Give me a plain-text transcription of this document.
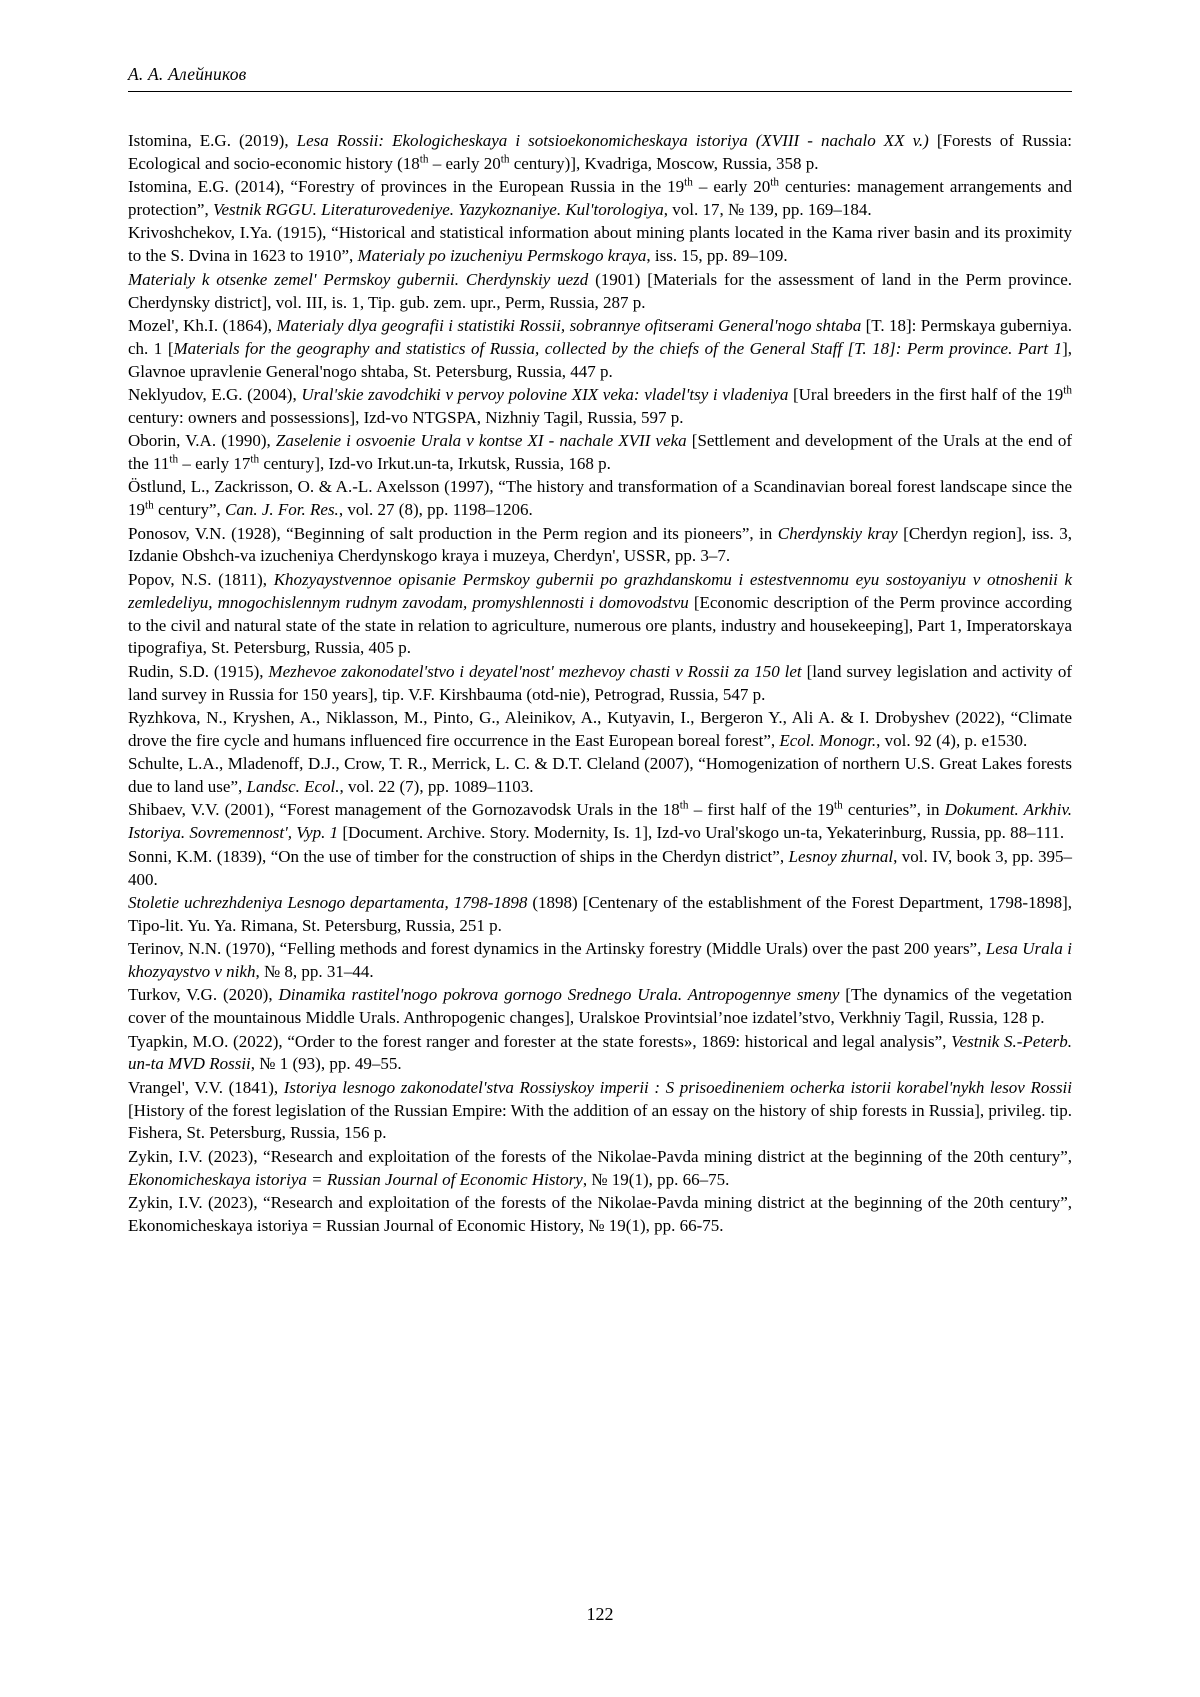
А. А. Алейников

Istomina, E.G. (2019), Lesa Rossii: Ekologicheskaya i sotsioekonomicheskaya istoriya (XVIII - nachalo XX v.) [Forests of Russia: Ecological and socio-economic history (18th – early 20th century)], Kvadriga, Moscow, Russia, 358 p.

Istomina, E.G. (2014), “Forestry of provinces in the European Russia in the 19th – early 20th centuries: management arrangements and protection”, Vestnik RGGU. Literaturovedeniye. Yazykoznaniye. Kul'torologiya, vol. 17, № 139, pp. 169–184.

Krivoshchekov, I.Ya. (1915), “Historical and statistical information about mining plants located in the Kama river basin and its proximity to the S. Dvina in 1623 to 1910”, Materialy po izucheniyu Permskogo kraya, iss. 15, pp. 89–109.

Materialy k otsenke zemel' Permskoy gubernii. Cherdynskiy uezd (1901) [Materials for the assessment of land in the Perm province. Cherdynsky district], vol. III, is. 1, Tip. gub. zem. upr., Perm, Russia, 287 p.

Mozel', Kh.I. (1864), Materialy dlya geografii i statistiki Rossii, sobrannye ofitserami General'nogo shtaba [T. 18]: Permskaya guberniya. ch. 1 [Materials for the geography and statistics of Russia, collected by the chiefs of the General Staff [T. 18]: Perm province. Part 1], Glavnoe upravlenie General'nogo shtaba, St. Petersburg, Russia, 447 p.

Neklyudov, E.G. (2004), Ural'skie zavodchiki v pervoy polovine XIX veka: vladel'tsy i vladeniya [Ural breeders in the first half of the 19th century: owners and possessions], Izd-vo NTGSPA, Nizhniy Tagil, Russia, 597 p.

Oborin, V.A. (1990), Zaselenie i osvoenie Urala v kontse XI - nachale XVII veka [Settlement and development of the Urals at the end of the 11th – early 17th century], Izd-vo Irkut.un-ta, Irkutsk, Russia, 168 p.

Östlund, L., Zackrisson, O. & A.-L. Axelsson (1997), “The history and transformation of a Scandinavian boreal forest landscape since the 19th century”, Can. J. For. Res., vol. 27 (8), pp. 1198–1206.

Ponosov, V.N. (1928), “Beginning of salt production in the Perm region and its pioneers”, in Cherdynskiy kray [Cherdyn region], iss. 3, Izdanie Obshch-va izucheniya Cherdynskogo kraya i muzeya, Cherdyn', USSR, pp. 3–7.

Popov, N.S. (1811), Khozyaystvennoe opisanie Permskoy gubernii po grazhdanskomu i estestvennomu eyu sostoyaniyu v otnoshenii k zemledeliyu, mnogochislennym rudnym zavodam, promyshlennosti i domovodstvu [Economic description of the Perm province according to the civil and natural state of the state in relation to agriculture, numerous ore plants, industry and housekeeping], Part 1, Imperatorskaya tipografiya, St. Petersburg, Russia, 405 p.

Rudin, S.D. (1915), Mezhevoe zakonodatel'stvo i deyatel'nost' mezhevoy chasti v Rossii za 150 let [land survey legislation and activity of land survey in Russia for 150 years], tip. V.F. Kirshbauma (otd-nie), Petrograd, Russia, 547 p.

Ryzhkova, N., Kryshen, A., Niklasson, M., Pinto, G., Aleinikov, A., Kutyavin, I., Bergeron Y., Ali A. & I. Drobyshev (2022), “Climate drove the fire cycle and humans influenced fire occurrence in the East European boreal forest”, Ecol. Monogr., vol. 92 (4), p. e1530.

Schulte, L.A., Mladenoff, D.J., Crow, T. R., Merrick, L. C. & D.T. Cleland (2007), “Homogenization of northern U.S. Great Lakes forests due to land use”, Landsc. Ecol., vol. 22 (7), pp. 1089–1103.

Shibaev, V.V. (2001), “Forest management of the Gornozavodsk Urals in the 18th – first half of the 19th centuries”, in Dokument. Arkhiv. Istoriya. Sovremennost', Vyp. 1 [Document. Archive. Story. Modernity, Is. 1], Izd-vo Ural'skogo un-ta, Yekaterinburg, Russia, pp. 88–111.

Sonni, K.M. (1839), “On the use of timber for the construction of ships in the Cherdyn district”, Lesnoy zhurnal, vol. IV, book 3, pp. 395–400.

Stoletie uchrezhdeniya Lesnogo departamenta, 1798-1898 (1898) [Centenary of the establishment of the Forest Department, 1798-1898], Tipo-lit. Yu. Ya. Rimana, St. Petersburg, Russia, 251 p.

Terinov, N.N. (1970), “Felling methods and forest dynamics in the Artinsky forestry (Middle Urals) over the past 200 years”, Lesa Urala i khozyaystvo v nikh, № 8, pp. 31–44.

Turkov, V.G. (2020), Dinamika rastitel'nogo pokrova gornogo Srednego Urala. Antropogennye smeny [The dynamics of the vegetation cover of the mountainous Middle Urals. Anthropogenic changes], Uralskoe Provintsial’noe izdatel’stvo, Verkhniy Tagil, Russia, 128 p.

Tyapkin, M.O. (2022), “Order to the forest ranger and forester at the state forests», 1869: historical and legal analysis”, Vestnik S.-Peterb. un-ta MVD Rossii, № 1 (93), pp. 49–55.

Vrangel', V.V. (1841), Istoriya lesnogo zakonodatel'stva Rossiyskoy imperii : S prisoedineniem ocherka istorii korabel'nykh lesov Rossii [History of the forest legislation of the Russian Empire: With the addition of an essay on the history of ship forests in Russia], privileg. tip. Fishera, St. Petersburg, Russia, 156 p.

Zykin, I.V. (2023), “Research and exploitation of the forests of the Nikolae-Pavda mining district at the beginning of the 20th century”, Ekonomicheskaya istoriya = Russian Journal of Economic History, № 19(1), pp. 66–75.

Zykin, I.V. (2023), “Research and exploitation of the forests of the Nikolae-Pavda mining district at the beginning of the 20th century”, Ekonomicheskaya istoriya = Russian Journal of Economic History, № 19(1), pp. 66-75.

122
